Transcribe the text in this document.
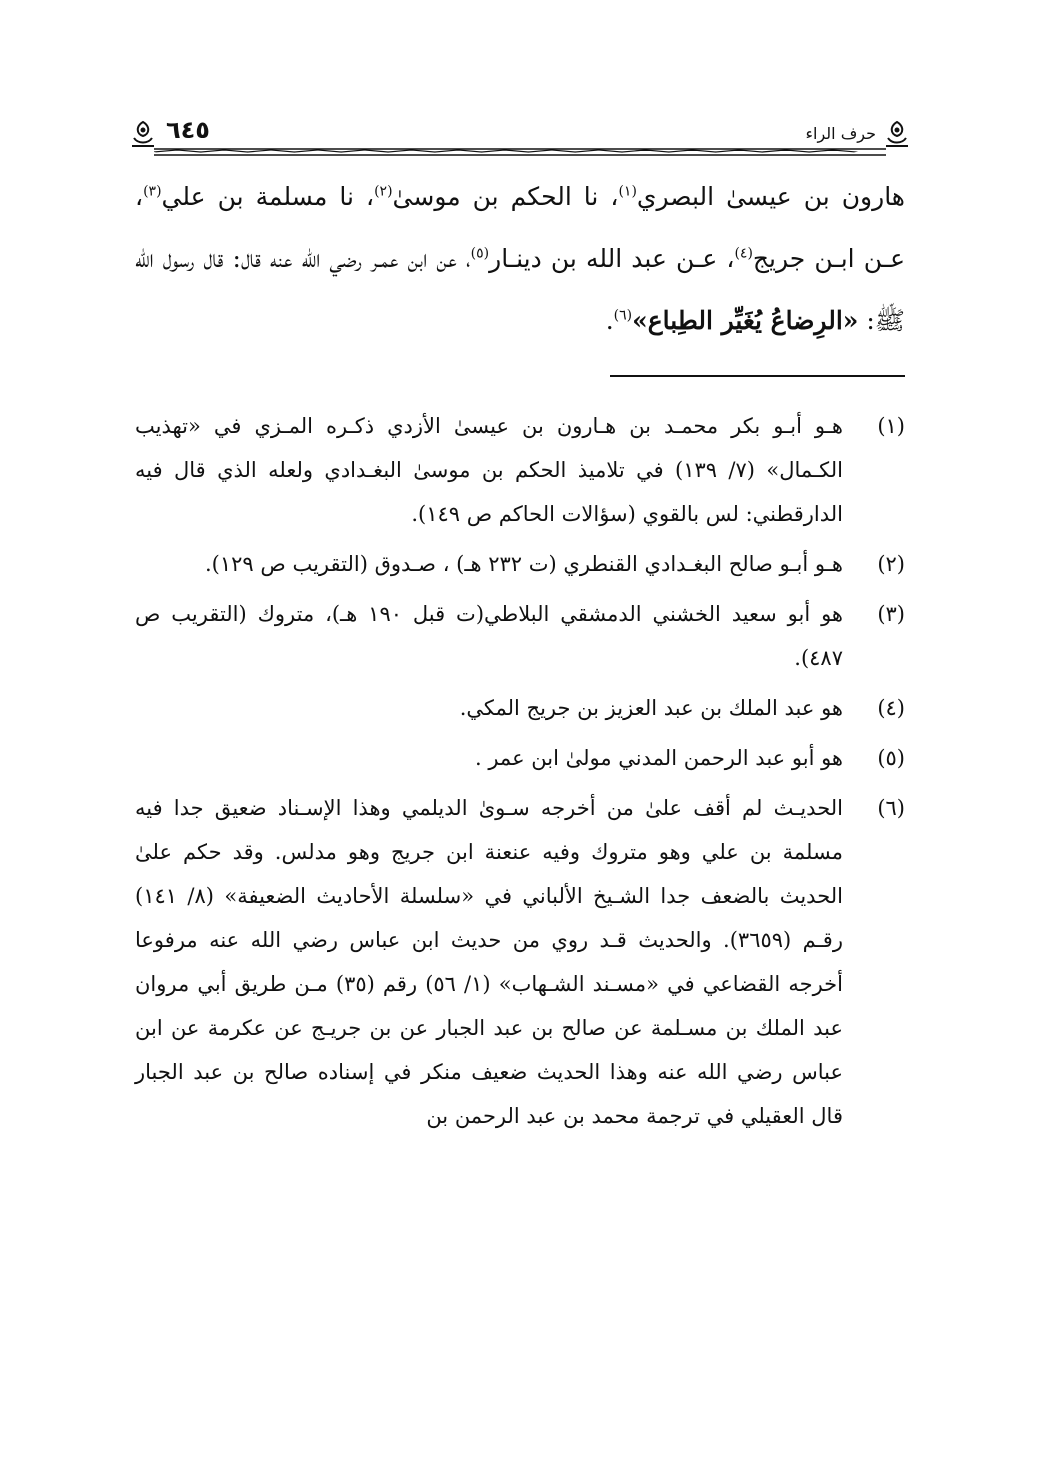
٦٤٥	حرف الراء

هارون بن عيسىٰ البصري$^{(١)}$، نا الحكم بن موسىٰ$^{(٢)}$، نا مسلمة بن علي$^{(٣)}$، عـن ابـن جريج$^{(٤)}$، عـن عبد الله بن دينـار$^{(٥)}$، عن ابن عمـر رضي الله عنه قال: قال رسول الله ﷺ: «الرِضاعُ يُغَيِّر الطِباع»$^{(٦)}$.

(١)
هـو أبـو بكر محمـد بن هـارون بن عيسىٰ الأزدي ذكـره المـزي في «تهذيب الكـمال» (٧/ ١٣٩) في تلاميذ الحكم بن موسىٰ البغـدادي ولعله الذي قال فيه الدارقطني: لس بالقوي (سؤالات الحاكم ص ١٤٩).
(٢)
هـو أبـو صالح البغـدادي القنطري (ت ٢٣٢ هـ) ، صـدوق (التقريب ص ١٢٩).
(٣)
هو أبو سعيد الخشني الدمشقي البلاطي(ت قبل ١٩٠ هـ)، متروك (التقريب ص ٤٨٧).
(٤)
هو عبد الملك بن عبد العزيز بن جريج المكي.
(٥)
هو أبو عبد الرحمن المدني مولىٰ ابن عمر .
(٦)
الحديـث لم أقف علىٰ من أخرجه سـوىٰ الديلمي وهذا الإسـناد ضعيق جدا فيه مسلمة بن علي وهو متروك وفيه عنعنة ابن جريج وهو مدلس. وقد حكم علىٰ الحديث بالضعف جدا الشـيخ الألباني في «سلسلة الأحاديث الضعيفة» (٨/ ١٤١) رقـم (٣٦٥٩). والحديث قـد روي من حديث ابن عباس رضي الله عنه مرفوعا أخرجه القضاعي في «مسـند الشـهاب» (١/ ٥٦) رقم (٣٥) مـن طريق أبي مروان عبد الملك بن مسـلمة عن صالح بن عبد الجبار عن بن جريـج عن عكرمة عن ابن عباس رضي الله عنه وهذا الحديث ضعيف منكر في إسناده صالح بن عبد الجبار قال العقيلي في ترجمة محمد بن عبد الرحمن بن
